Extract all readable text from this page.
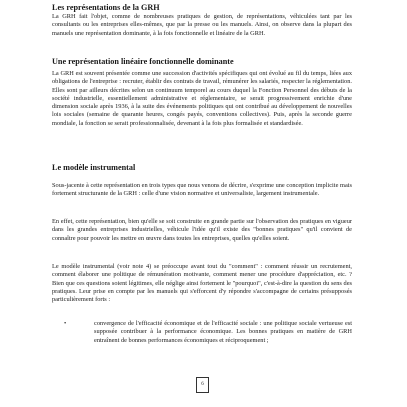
Les représentations de la GRH

La GRH fait l'objet, comme de nombreuses pratiques de gestion, de représentations, véhiculées tant par les consultants ou les entreprises elles-mêmes, que par la presse ou les manuels. Ainsi, on observe dans la plupart des manuels une représentation dominante, à la fois fonctionnelle et linéaire de la GRH.

Une représentation linéaire fonctionnelle dominante

La GRH est souvent présentée comme une succession d'activités spécifiques qui ont évolué au fil du temps, liées aux obligations de l'entreprise : recruter, établir des contrats de travail, rémunérer les salariés, respecter la réglementation. Elles sont par ailleurs décrites selon un continuum temporel au cours duquel la Fonction Personnel des débuts de la société industrielle, essentiellement administrative et réglementaire, se serait progressivement enrichie d'une dimension sociale après 1936, à la suite des événements politiques qui ont contribué au développement de nouvelles lois sociales (semaine de quarante heures, congés payés, conventions collectives). Puis, après la seconde guerre mondiale, la fonction se serait professionnalisée, devenant à la fois plus formalisée et standardisée.

Le modèle instrumental

Sous-jacente à cette représentation en trois types que nous venons de décrire, s'exprime une conception implicite mais fortement structurante de la GRH : celle d'une vision normative et universaliste, largement instrumentale.

En effet, cette représentation, bien qu'elle se soit construite en grande partie sur l'observation des pratiques en vigueur dans les grandes entreprises industrielles, véhicule l'idée qu'il existe des "bonnes pratiques" qu'il convient de connaître pour pouvoir les mettre en œuvre dans toutes les entreprises, quelles qu'elles soient.

Le modèle instrumental (voir note 4) se préoccupe avant tout du "comment" : comment réussir un recrutement, comment élaborer une politique de rémunération motivante, comment mener une procédure d'appréciation, etc. ? Bien que ces questions soient légitimes, elle néglige ainsi fortement le "pourquoi", c'est-à-dire la question du sens des pratiques. Leur prise en compte par les manuels qui s'efforcent d'y répondre s'accompagne de certains présupposés particulièrement forts :

•	convergence de l'efficacité économique et de l'efficacité sociale : une politique sociale vertueuse est supposée contribuer à la performance économique. Les bonnes pratiques en matière de GRH entraînent de bonnes performances économiques et réciproquement ;

6
